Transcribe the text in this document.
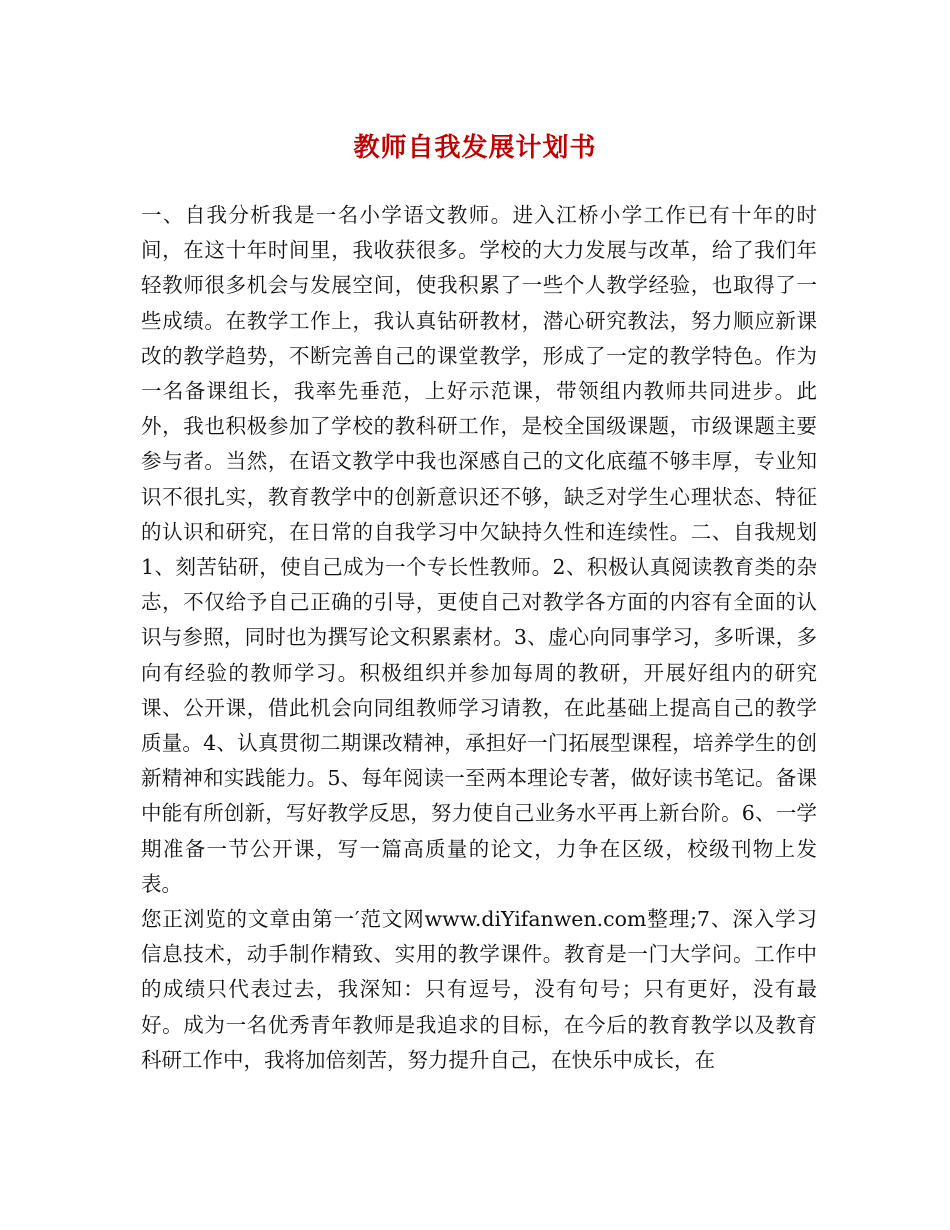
教师自我发展计划书

一、自我分析我是一名小学语文教师。进入江桥小学工作已有十年的时间，在这十年时间里，我收获很多。学校的大力发展与改革，给了我们年轻教师很多机会与发展空间，使我积累了一些个人教学经验，也取得了一些成绩。在教学工作上，我认真钻研教材，潜心研究教法，努力顺应新课改的教学趋势，不断完善自己的课堂教学，形成了一定的教学特色。作为一名备课组长，我率先垂范，上好示范课，带领组内教师共同进步。此外，我也积极参加了学校的教科研工作，是校全国级课题，市级课题主要参与者。当然，在语文教学中我也深感自己的文化底蕴不够丰厚，专业知识不很扎实，教育教学中的创新意识还不够，缺乏对学生心理状态、特征的认识和研究，在日常的自我学习中欠缺持久性和连续性。二、自我规划1、刻苦钻研，使自己成为一个专长性教师。2、积极认真阅读教育类的杂志，不仅给予自己正确的引导，更使自己对教学各方面的内容有全面的认识与参照，同时也为撰写论文积累素材。3、虚心向同事学习，多听课，多向有经验的教师学习。积极组织并参加每周的教研，开展好组内的研究课、公开课，借此机会向同组教师学习请教，在此基础上提高自己的教学质量。4、认真贯彻二期课改精神，承担好一门拓展型课程，培养学生的创新精神和实践能力。5、每年阅读一至两本理论专著，做好读书笔记。备课中能有所创新，写好教学反思，努力使自己业务水平再上新台阶。6、一学期准备一节公开课，写一篇高质量的论文，力争在区级，校级刊物上发表。

您正浏览的文章由第一′范文网www.diYifanwen.com整理;7、深入学习信息技术，动手制作精致、实用的教学课件。教育是一门大学问。工作中的成绩只代表过去，我深知：只有逗号，没有句号；只有更好，没有最好。成为一名优秀青年教师是我追求的目标，在今后的教育教学以及教育科研工作中，我将加倍刻苦，努力提升自己，在快乐中成长，在
